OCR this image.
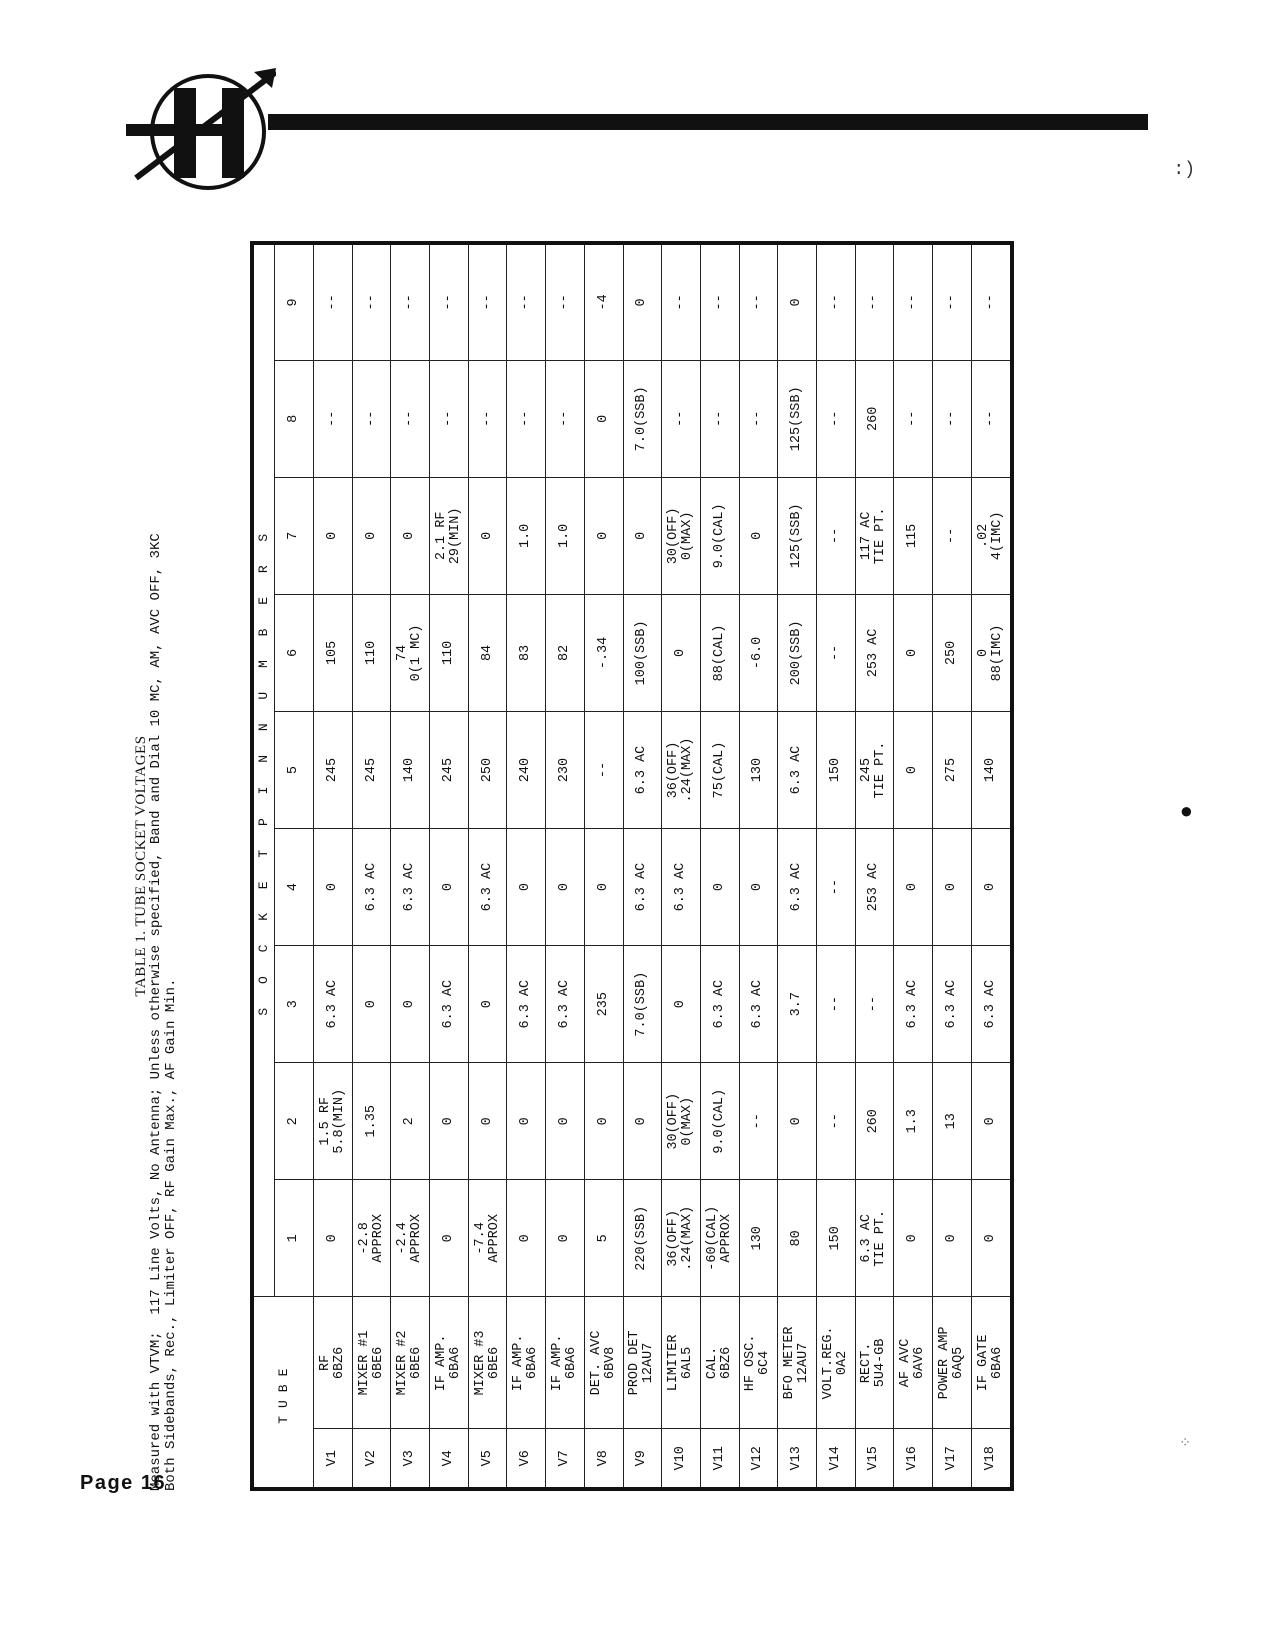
:)
●
⁘
TABLE 1. TUBE SOCKET VOLTAGES Measured with VTVM;  117 Line Volts, No Antenna; Unless otherwise specified, Band and Dial 10 MC, AM, AVC OFF, 3KC Both Sidebands, Rec., Limiter OFF, RF Gain Max., AF Gain Min.	TUBE		S O C K E T P I N N U M B E R S								
		1	2	3	4	5	6	7	8	9
V1	RF
6BZ6	0	1.5 RF
5.8(MIN)	6.3 AC	0	245	105	0	--	--
V2	MIXER #1
6BE6	-2.8
APPROX	1.35	0	6.3 AC	245	110	0	--	--
V3	MIXER #2
6BE6	-2.4
APPROX	2	0	6.3 AC	140	74
0(1 MC)	0	--	--
V4	IF AMP.
6BA6	0	0	6.3 AC	0	245	110	2.1 RF
29(MIN)	--	--
V5	MIXER #3
6BE6	-7.4
APPROX	0	0	6.3 AC	250	84	0	--	--
V6	IF AMP.
6BA6	0	0	6.3 AC	0	240	83	1.0	--	--
V7	IF AMP.
6BA6	0	0	6.3 AC	0	230	82	1.0	--	--
V8	DET. AVC
6BV8	5	0	235	0	--	-.34	0	0	-4
V9	PROD DET
12AU7	220(SSB)	0	7.0(SSB)	6.3 AC	6.3 AC	100(SSB)	0	7.0(SSB)	0
V10	LIMITER
6AL5	36(OFF)
.24(MAX)	30(OFF)
0(MAX)	0	6.3 AC	36(OFF)
.24(MAX)	0	30(OFF)
0(MAX)	--	--
V11	CAL.
6BZ6	-60(CAL)
APPROX	9.0(CAL)	6.3 AC	0	75(CAL)	88(CAL)	9.0(CAL)	--	--
V12	HF OSC.
6C4	130	--	6.3 AC	0	130	-6.0	0	--	--
V13	BFO METER
12AU7	80	0	3.7	6.3 AC	6.3 AC	200(SSB)	125(SSB)	125(SSB)	0
V14	VOLT.REG.
0A2	150	--	--	--	150	--	--	--	--
V15	RECT.
5U4-GB	6.3 AC
TIE PT.	260	--	253 AC	245
TIE PT.	253 AC	117 AC
TIE PT.	260	--
V16	AF AVC
6AV6	0	1.3	6.3 AC	0	0	0	115	--	--
V17	POWER AMP
6AQ5	0	13	6.3 AC	0	275	250	--	--	--
V18	IF GATE
6BA6	0	0	6.3 AC	0	140	0
88(IMC)	.02
4(IMC)	--	--
Page 16
